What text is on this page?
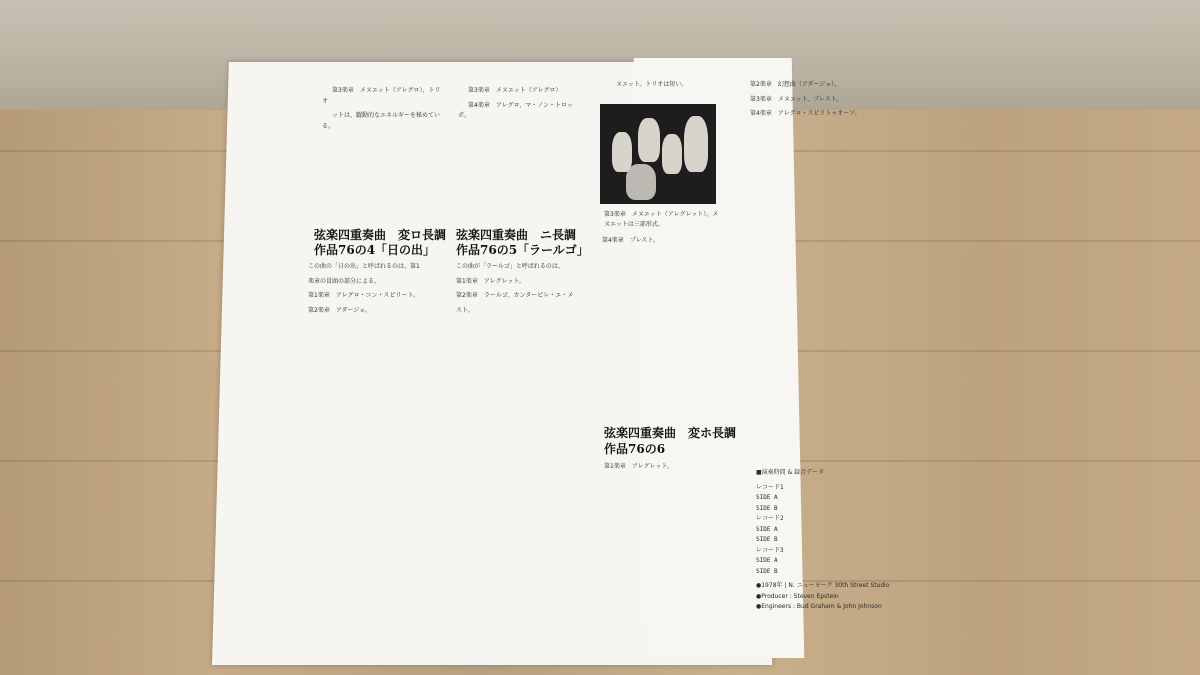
第3楽章　メヌエット（アレグロ）、トリオ

ットは、躍動的なエネルギーを秘めている。

弦楽四重奏曲　変ロ長調
作品76の4「日の出」

この曲の「日の出」と呼ばれるのは、第1

楽章の冒頭の部分による。

第1楽章　アレグロ・コン・スピリート。

第2楽章　アダージョ。

第3楽章　メヌエット（アレグロ）

第4楽章　アレグロ、マ・ノン・トロッポ。

弦楽四重奏曲　ニ長調
作品76の5「ラールゴ」

この曲が「ラールゴ」と呼ばれるのは、

第1楽章　アレグレット。

第2楽章　ラールゴ、カンタービレ・エ・メ

スト。

ヌエット。トリオは短い。

第3楽章　メヌエット（アレグレット）。メヌエットは三部形式。

第4楽章　プレスト。

弦楽四重奏曲　変ホ長調
作品76の6

第1楽章　アレグレット。

第2楽章　幻想曲（アダージョ）。

第3楽章　メヌエット、プレスト。

第4楽章　アレグロ・スピリトゥオーソ。

■演奏時間 & 録音データ

レコード1
SIDE A
SIDE B
レコード2
SIDE A
SIDE B
レコード3
SIDE A
SIDE B
●1978年 | N. ニューヨーク 30th Street Studio
●Producer : Steven Epstein
●Engineers : Bud Graham & John Johnson
